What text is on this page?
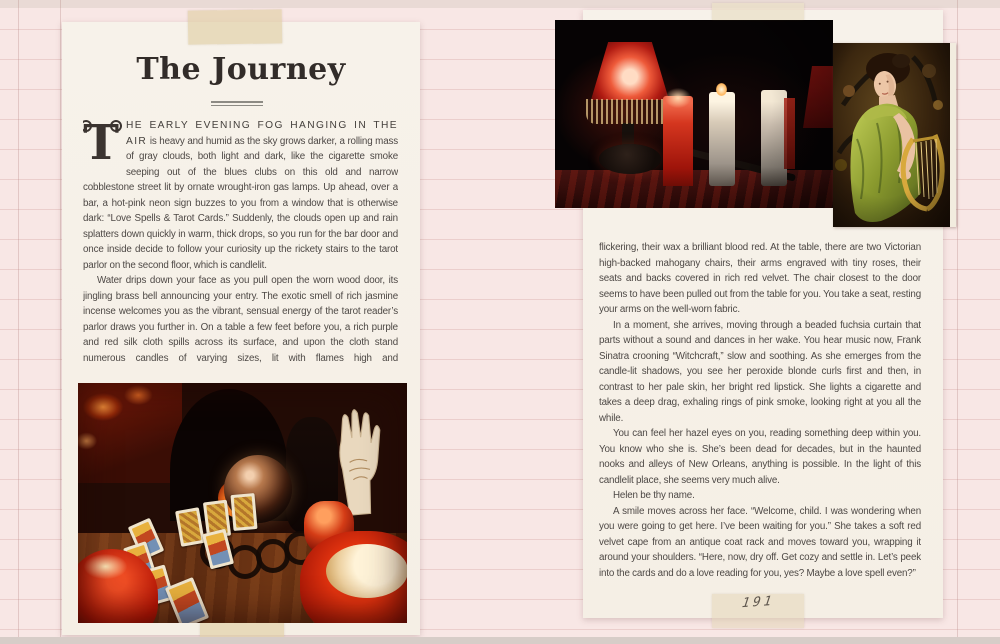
The Journey

THE EARLY EVENING FOG HANGING IN THE AIR is heavy and humid as the sky grows darker, a rolling mass of gray clouds, both light and dark, like the cigarette smoke seeping out of the blues clubs on this old and narrow cobblestone street lit by ornate wrought-iron gas lamps. Up ahead, over a bar, a hot-pink neon sign buzzes to you from a window that is otherwise dark: “Love Spells & Tarot Cards.” Suddenly, the clouds open up and rain splatters down quickly in warm, thick drops, so you run for the bar door and once inside decide to follow your curiosity up the rickety stairs to the tarot parlor on the second floor, which is candlelit.

Water drips down your face as you pull open the worn wood door, its jingling brass bell announcing your entry. The exotic smell of rich jasmine incense welcomes you as the vibrant, sensual energy of the tarot reader’s parlor draws you further in. On a table a few feet before you, a rich purple and red silk cloth spills across its surface, and upon the cloth stand numerous candles of varying sizes, lit with flames high and

flickering, their wax a brilliant blood red. At the table, there are two Victorian high-backed mahogany chairs, their arms engraved with tiny roses, their seats and backs covered in rich red velvet. The chair closest to the door seems to have been pulled out from the table for you. You take a seat, resting your arms on the well-worn fabric.

In a moment, she arrives, moving through a beaded fuchsia curtain that parts without a sound and dances in her wake. You hear music now, Frank Sinatra crooning “Witchcraft,” slow and soothing. As she emerges from the candle-lit shadows, you see her peroxide blonde curls first and then, in contrast to her pale skin, her bright red lipstick. She lights a cigarette and takes a deep drag, exhaling rings of pink smoke, looking right at you all the while.

You can feel her hazel eyes on you, reading something deep within you. You know who she is. She’s been dead for decades, but in the haunted nooks and alleys of New Orleans, anything is possible. In the light of this candlelit place, she seems very much alive.

Helen be thy name.

A smile moves across her face. “Welcome, child. I was wondering when you were going to get here. I’ve been waiting for you.” She takes a soft red velvet cape from an antique coat rack and moves toward you, wrapping it around your shoulders. “Here, now, dry off. Get cozy and settle in. Let’s peek into the cards and do a love reading for you, yes? Maybe a love spell even?”

191
